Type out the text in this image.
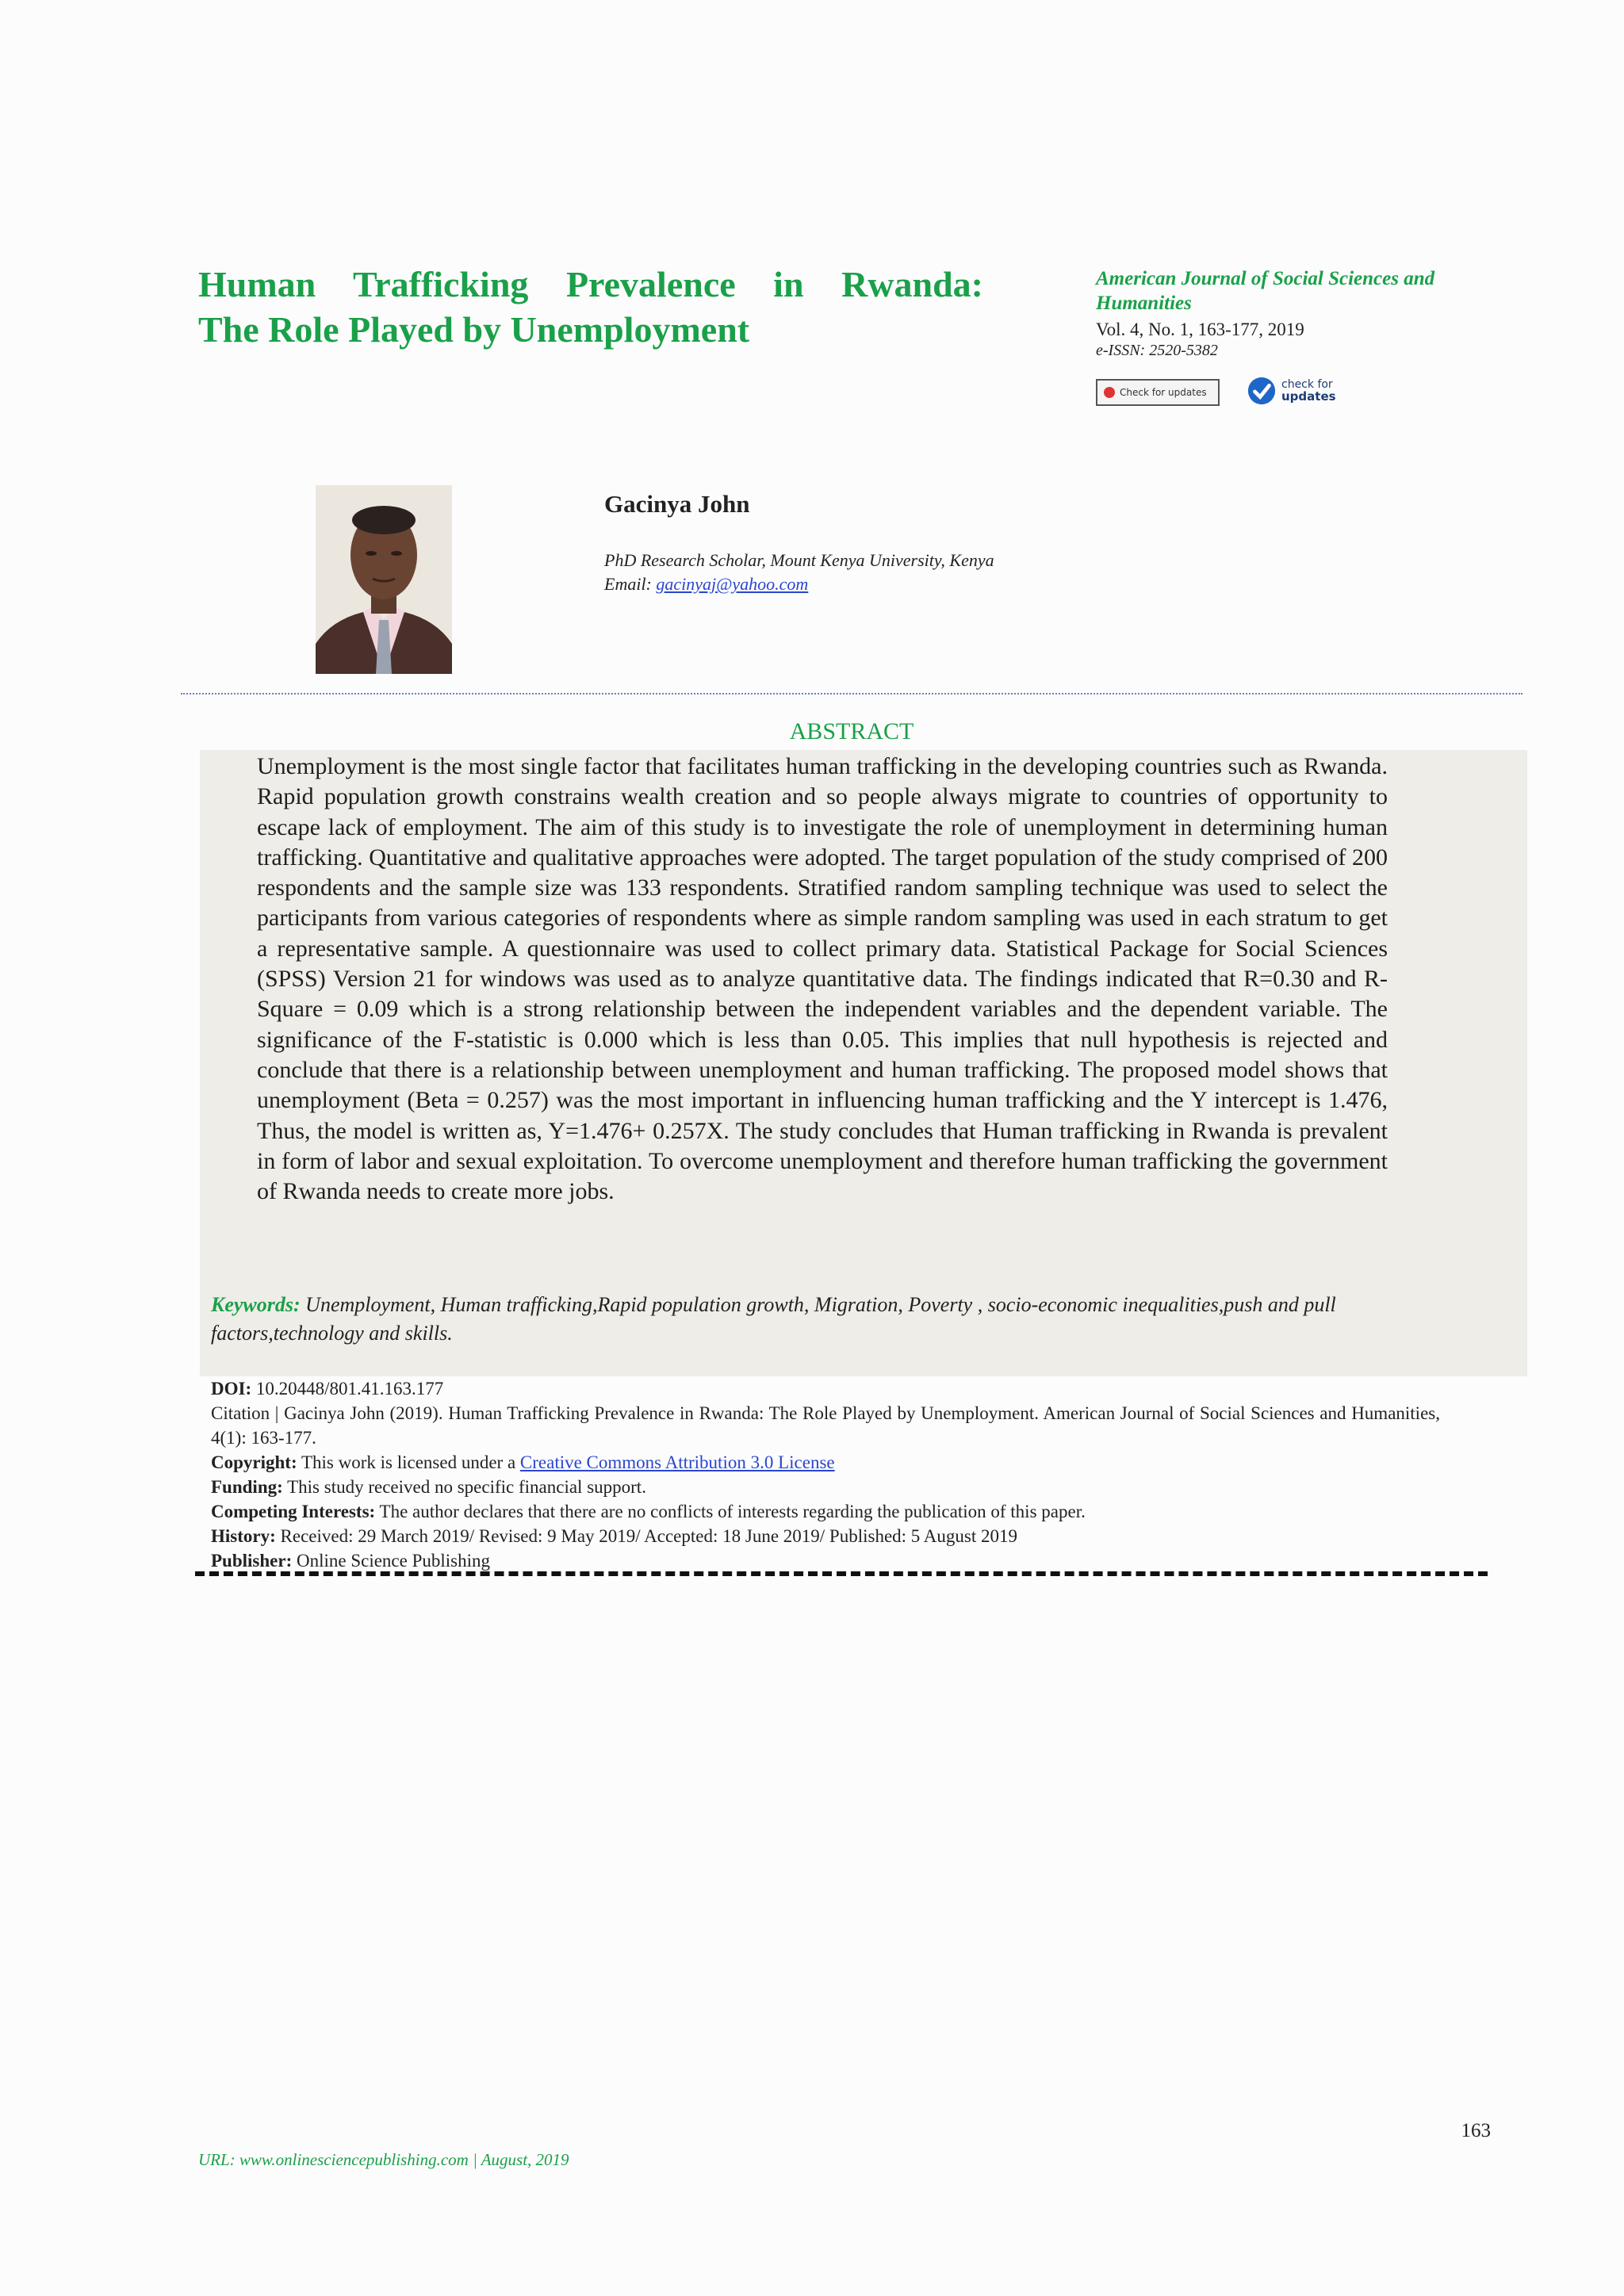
Human Trafficking Prevalence in Rwanda:
The Role Played by Unemployment
American Journal of Social Sciences and Humanities
Vol. 4, No. 1, 163-177, 2019
e-ISSN: 2520-5382
Check for updates
check for
updates
Gacinya John
PhD Research Scholar, Mount Kenya University, Kenya
Email: gacinyaj@yahoo.com
ABSTRACT
Unemployment is the most single factor that facilitates human trafficking in the developing countries such as Rwanda. Rapid population growth constrains wealth creation and so people always migrate to countries of opportunity to escape lack of employment. The aim of this study is to investigate the role of unemployment in determining human trafficking. Quantitative and qualitative approaches were adopted. The target population of the study comprised of 200 respondents and the sample size was 133 respondents. Stratified random sampling technique was used to select the participants from various categories of respondents where as simple random sampling was used in each stratum to get a representative sample. A questionnaire was used to collect primary data. Statistical Package for Social Sciences (SPSS) Version 21 for windows was used as to analyze quantitative data. The findings indicated that R=0.30 and R-Square = 0.09 which is a strong relationship between the independent variables and the dependent variable. The significance of the F-statistic is 0.000 which is less than 0.05. This implies that null hypothesis is rejected and conclude that there is a relationship between unemployment and human trafficking. The proposed model shows that unemployment (Beta = 0.257) was the most important in influencing human trafficking and the Y intercept is 1.476, Thus, the model is written as, Y=1.476+ 0.257X. The study concludes that Human trafficking in Rwanda is prevalent in form of labor and sexual exploitation. To overcome unemployment and therefore human trafficking the government of Rwanda needs to create more jobs.
Keywords: Unemployment, Human trafficking,Rapid population growth, Migration, Poverty , socio-economic inequalities,push and pull factors,technology and skills.
DOI: 10.20448/801.41.163.177
Citation | Gacinya John (2019). Human Trafficking Prevalence in Rwanda: The Role Played by Unemployment. American Journal of Social Sciences and Humanities, 4(1): 163-177.
Copyright: This work is licensed under a Creative Commons Attribution 3.0 License
Funding: This study received no specific financial support.
Competing Interests: The author declares that there are no conflicts of interests regarding the publication of this paper.
History: Received: 29 March 2019/ Revised: 9 May 2019/ Accepted: 18 June 2019/ Published: 5 August 2019
Publisher: Online Science Publishing
163
URL: www.onlinesciencepublishing.com | August, 2019
